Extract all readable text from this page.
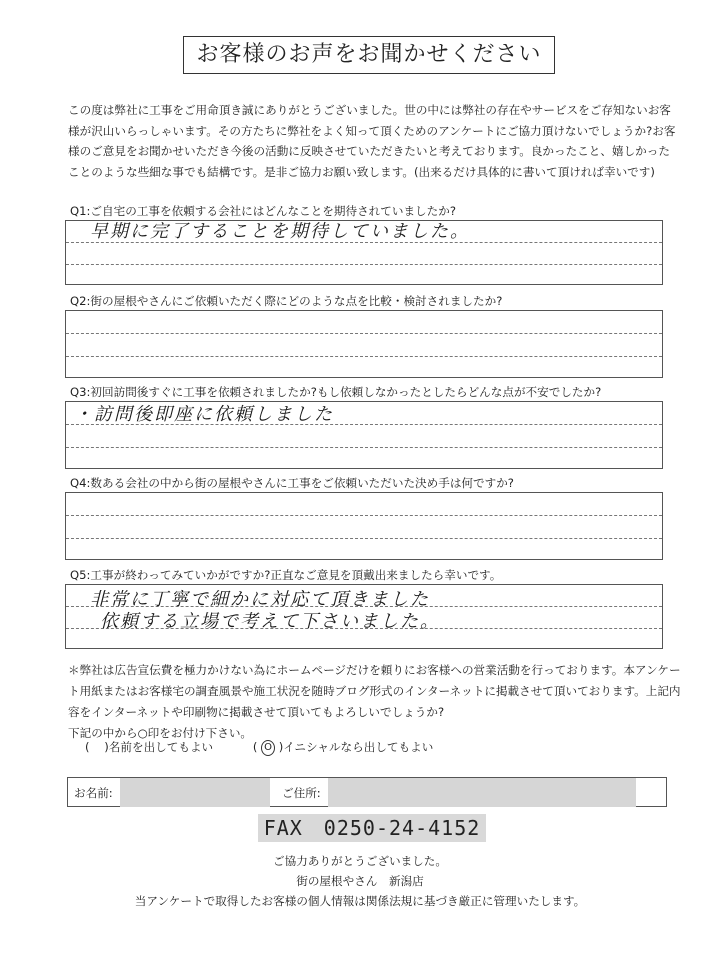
お客様のお声をお聞かせください
この度は弊社に工事をご用命頂き誠にありがとうございました。世の中には弊社の存在やサービスをご存知ないお客様が沢山いらっしゃいます。その方たちに弊社をよく知って頂くためのアンケートにご協力頂けないでしょうか?お客様のご意見をお聞かせいただき今後の活動に反映させていただきたいと考えております。良かったこと、嬉しかったことのような些細な事でも結構です。是非ご協力お願い致します。(出来るだけ具体的に書いて頂ければ幸いです)
Q1:ご自宅の工事を依頼する会社にはどんなことを期待されていましたか?
早期に完了することを期待していました。
Q2:街の屋根やさんにご依頼いただく際にどのような点を比較・検討されましたか?
Q3:初回訪問後すぐに工事を依頼されましたか?もし依頼しなかったとしたらどんな点が不安でしたか?
・訪問後即座に依頼しました
Q4:数ある会社の中から街の屋根やさんに工事をご依頼いただいた決め手は何ですか?
Q5:工事が終わってみていかがですか?正直なご意見を頂戴出来ましたら幸いです。
非常に丁寧で細かに対応て頂きました
依頼する立場で考えて下さいました。
＊弊社は広告宣伝費を極力かけない為にホームページだけを頼りにお客様への営業活動を行っております。本アンケート用紙またはお客様宅の調査風景や施工状況を随時ブログ形式のインターネットに掲載させて頂いております。上記内容をインターネットや印刷物に掲載させて頂いてもよろしいでしょうか?
下記の中から○印をお付け下さい。
(    )名前を出してもよい	( O )イニシャルなら出してもよい
お名前:	ご住所:
FAX　0250-24-4152
ご協力ありがとうございました。
街の屋根やさん　新潟店
当アンケートで取得したお客様の個人情報は関係法規に基づき厳正に管理いたします。
